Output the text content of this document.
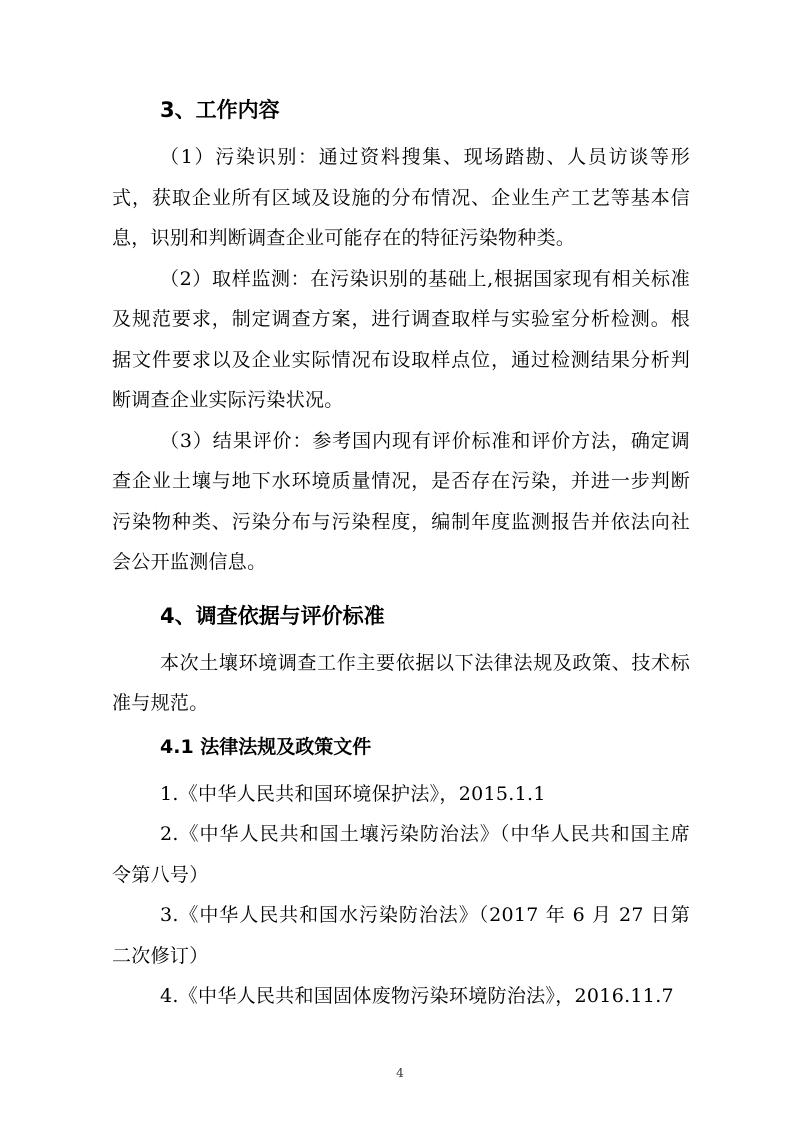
3、工作内容

（1）污染识别：通过资料搜集、现场踏勘、人员访谈等形式，获取企业所有区域及设施的分布情况、企业生产工艺等基本信息，识别和判断调查企业可能存在的特征污染物种类。

（2）取样监测：在污染识别的基础上,根据国家现有相关标准及规范要求，制定调查方案，进行调查取样与实验室分析检测。根据文件要求以及企业实际情况布设取样点位，通过检测结果分析判断调查企业实际污染状况。

（3）结果评价：参考国内现有评价标准和评价方法，确定调查企业土壤与地下水环境质量情况，是否存在污染，并进一步判断污染物种类、污染分布与污染程度，编制年度监测报告并依法向社会公开监测信息。

4、调查依据与评价标准

本次土壤环境调查工作主要依据以下法律法规及政策、技术标准与规范。

4.1 法律法规及政策文件

1.《中华人民共和国环境保护法》，2015.1.1

2.《中华人民共和国土壤污染防治法》（中华人民共和国主席令第八号）

3.《中华人民共和国水污染防治法》（2017 年 6 月 27 日第二次修订）

4.《中华人民共和国固体废物污染环境防治法》，2016.11.7

4
